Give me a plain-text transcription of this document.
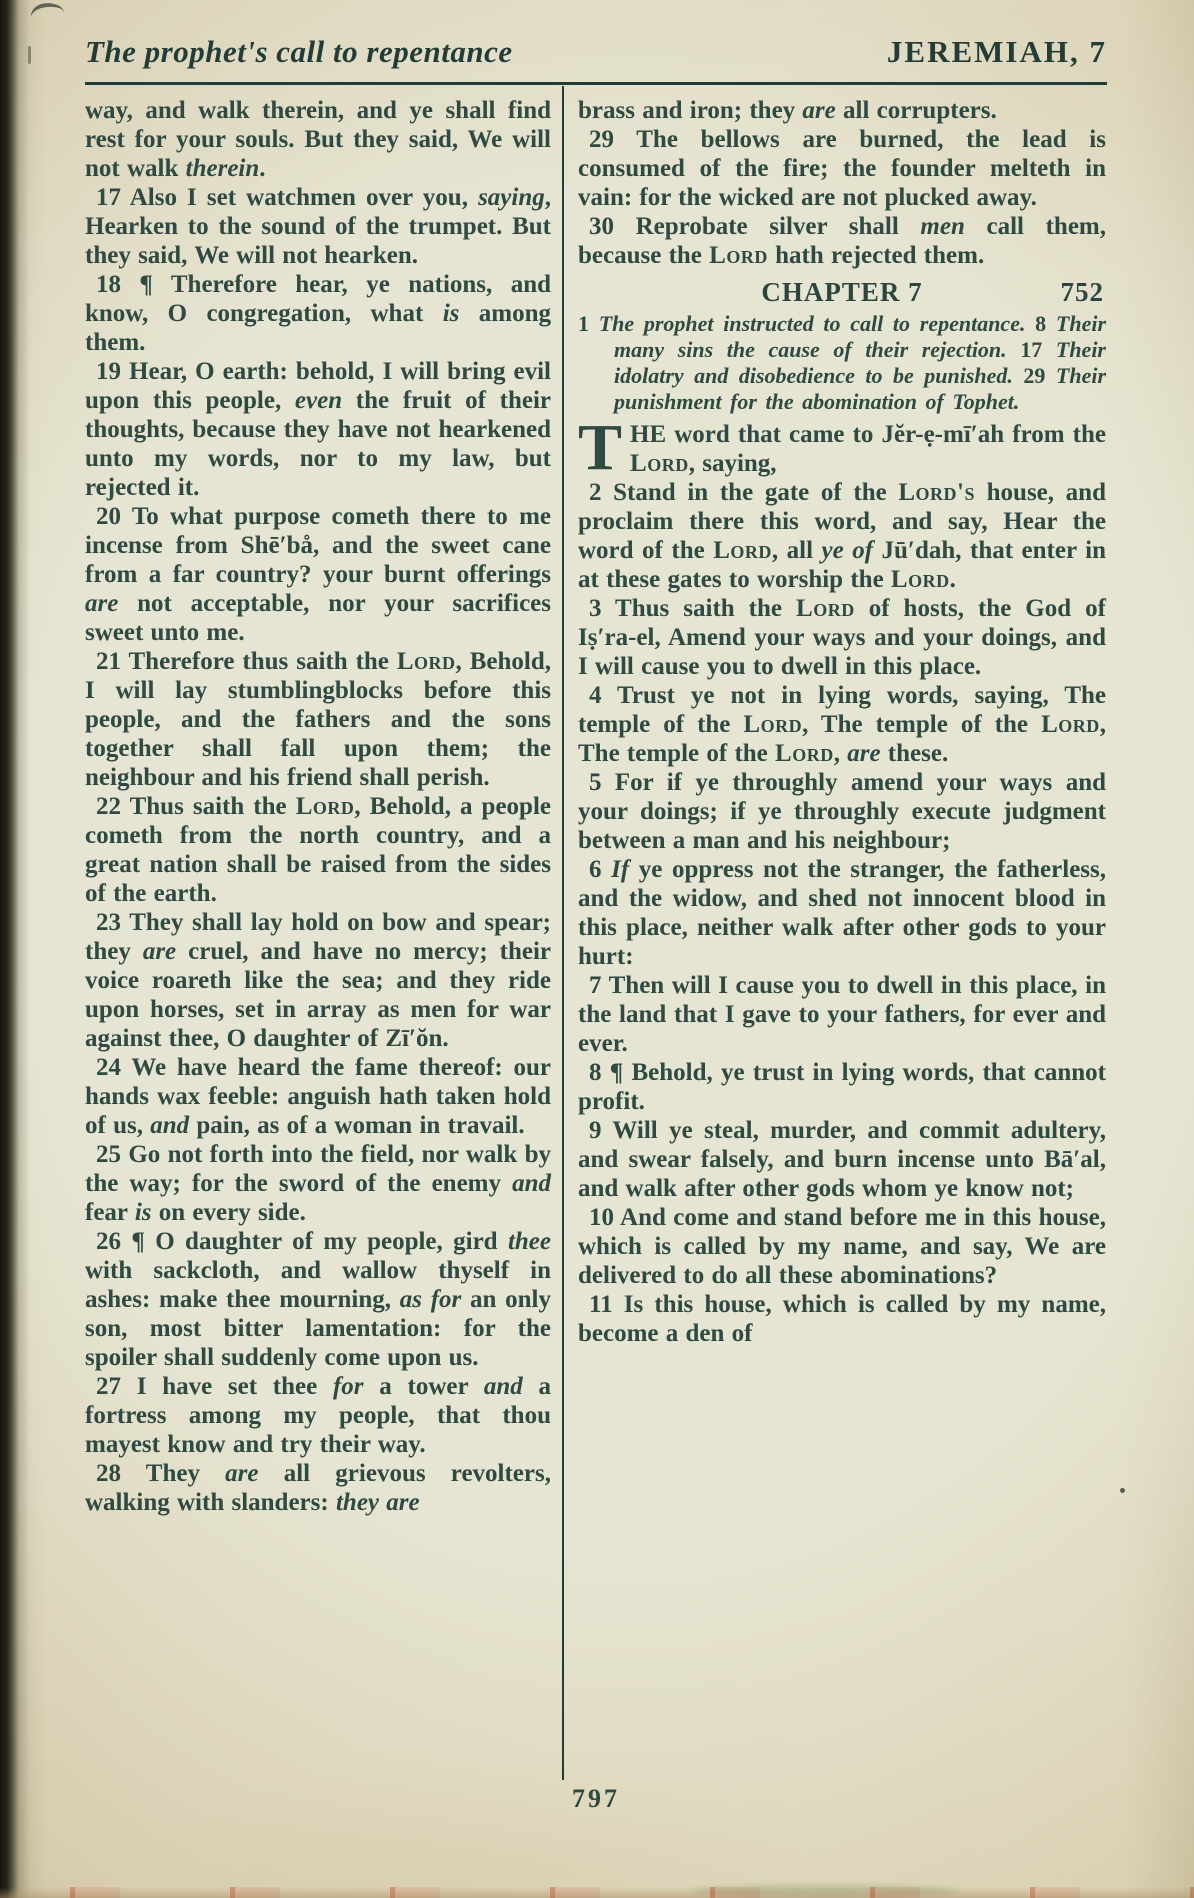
The prophet's call to repentance	JEREMIAH, 7

way, and walk therein, and ye shall find rest for your souls. But they said, We will not walk therein.

17 Also I set watchmen over you, saying, Hearken to the sound of the trumpet. But they said, We will not hearken.

18 ¶ Therefore hear, ye nations, and know, O congregation, what is among them.

19 Hear, O earth: behold, I will bring evil upon this people, even the fruit of their thoughts, because they have not hearkened unto my words, nor to my law, but rejected it.

20 To what purpose cometh there to me incense from Shē′bå, and the sweet cane from a far country? your burnt offerings are not acceptable, nor your sacrifices sweet unto me.

21 Therefore thus saith the Lord, Behold, I will lay stumblingblocks before this people, and the fathers and the sons together shall fall upon them; the neighbour and his friend shall perish.

22 Thus saith the Lord, Behold, a people cometh from the north country, and a great nation shall be raised from the sides of the earth.

23 They shall lay hold on bow and spear; they are cruel, and have no mercy; their voice roareth like the sea; and they ride upon horses, set in array as men for war against thee, O daughter of Zī′ŏn.

24 We have heard the fame thereof: our hands wax feeble: anguish hath taken hold of us, and pain, as of a woman in travail.

25 Go not forth into the field, nor walk by the way; for the sword of the enemy and fear is on every side.

26 ¶ O daughter of my people, gird thee with sackcloth, and wallow thyself in ashes: make thee mourning, as for an only son, most bitter lamentation: for the spoiler shall suddenly come upon us.

27 I have set thee for a tower and a fortress among my people, that thou mayest know and try their way.

28 They are all grievous revolters, walking with slanders: they are

brass and iron; they are all corrupters.

29 The bellows are burned, the lead is consumed of the fire; the founder melteth in vain: for the wicked are not plucked away.

30 Reprobate silver shall men call them, because the Lord hath rejected them.

CHAPTER 7	752

1 The prophet instructed to call to repentance. 8 Their many sins the cause of their rejection. 17 Their idolatry and disobedience to be punished. 29 Their punishment for the abomination of Tophet.

THE word that came to Jĕr-ẹ-mī′ah from the Lord, saying,

2 Stand in the gate of the Lord's house, and proclaim there this word, and say, Hear the word of the Lord, all ye of Jū′dah, that enter in at these gates to worship the Lord.

3 Thus saith the Lord of hosts, the God of Iṣ′ra-el, Amend your ways and your doings, and I will cause you to dwell in this place.

4 Trust ye not in lying words, saying, The temple of the Lord, The temple of the Lord, The temple of the Lord, are these.

5 For if ye throughly amend your ways and your doings; if ye throughly execute judgment between a man and his neighbour;

6 If ye oppress not the stranger, the fatherless, and the widow, and shed not innocent blood in this place, neither walk after other gods to your hurt:

7 Then will I cause you to dwell in this place, in the land that I gave to your fathers, for ever and ever.

8 ¶ Behold, ye trust in lying words, that cannot profit.

9 Will ye steal, murder, and commit adultery, and swear falsely, and burn incense unto Bā′al, and walk after other gods whom ye know not;

10 And come and stand before me in this house, which is called by my name, and say, We are delivered to do all these abominations?

11 Is this house, which is called by my name, become a den of

797
